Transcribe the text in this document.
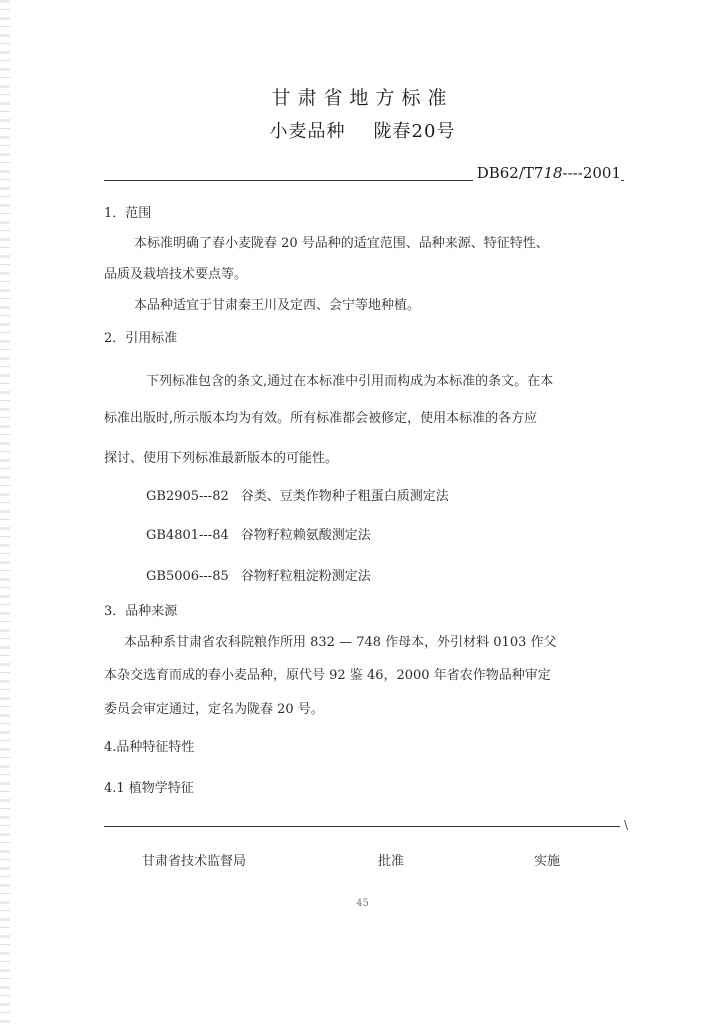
甘肃省地方标准
小麦品种 陇春20号
DB62/T718----2001
1．范围
本标准明确了春小麦陇春 20 号品种的适宜范围、品种来源、特征特性、
品质及栽培技术要点等。
本品种适宜于甘肃秦王川及定西、会宁等地种植。
2．引用标准
下列标准包含的条文,通过在本标准中引用而构成为本标准的条文。在本
标准出版时,所示版本均为有效。所有标准都会被修定，使用本标准的各方应
探讨、使用下列标准最新版本的可能性。
GB2905---82 谷类、豆类作物种子粗蛋白质测定法
GB4801---84 谷物籽粒赖氨酸测定法
GB5006---85 谷物籽粒粗淀粉测定法
3．品种来源
本品种系甘肃省农科院粮作所用 832 — 748 作母本，外引材料 0103 作父
本杂交选育而成的春小麦品种，原代号 92 鉴 46，2000 年省农作物品种审定
委员会审定通过，定名为陇春 20 号。
4.品种特征特性
4.1 植物学特征
\
甘肃省技术监督局	批准	实施
45
